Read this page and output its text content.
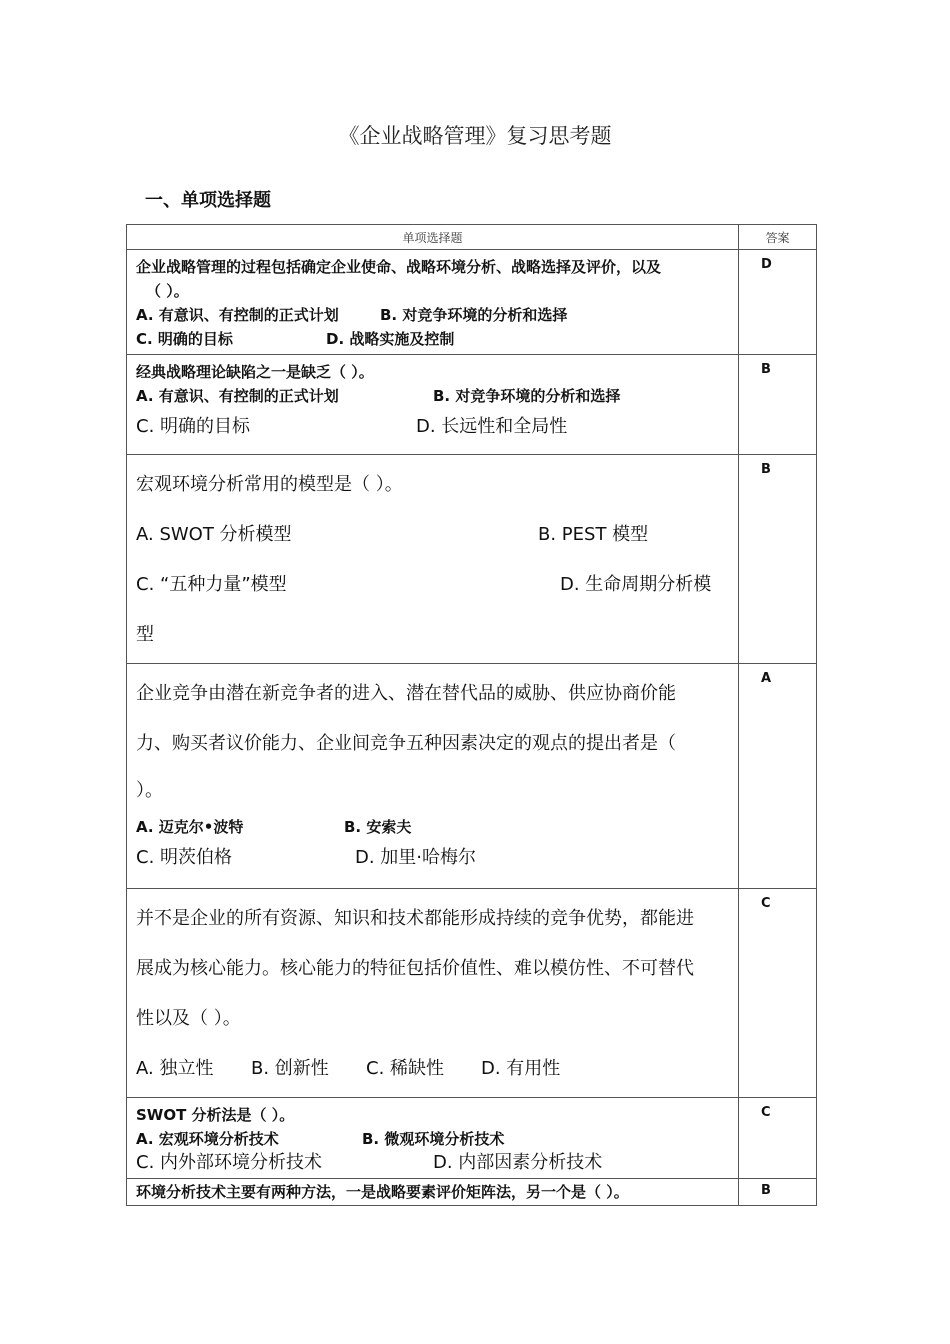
《企业战略管理》复习思考题
一、单项选择题
单项选择题	答案

企业战略管理的过程包括确定企业使命、战略环境分析、战略选择及评价，以及
（ ）。
A. 有意识、有控制的正式计划 B. 对竞争环境的分析和选择
C. 明确的目标 D. 战略实施及控制	D

经典战略理论缺陷之一是缺乏（ ）。
A. 有意识、有控制的正式计划 B. 对竞争环境的分析和选择
C. 明确的目标 D. 长远性和全局性	B

宏观环境分析常用的模型是（ ）。
A. SWOT 分析模型 B. PEST 模型
C. “五种力量”模型 D. 生命周期分析模
型	B

企业竞争由潜在新竞争者的进入、潜在替代品的威胁、供应协商价能
力、购买者议价能力、企业间竞争五种因素决定的观点的提出者是（
）。
A. 迈克尔•波特 B. 安索夫
C. 明茨伯格 D. 加里·哈梅尔	A

并不是企业的所有资源、知识和技术都能形成持续的竞争优势，都能进
展成为核心能力。核心能力的特征包括价值性、难以模仿性、不可替代
性以及（ ）。
A. 独立性 B. 创新性 C. 稀缺性 D. 有用性	C

SWOT 分析法是（ ）。
A. 宏观环境分析技术 B. 微观环境分析技术
C. 内外部环境分析技术 D. 内部因素分析技术	C

环境分析技术主要有两种方法，一是战略要素评价矩阵法，另一个是（ ）。	B
